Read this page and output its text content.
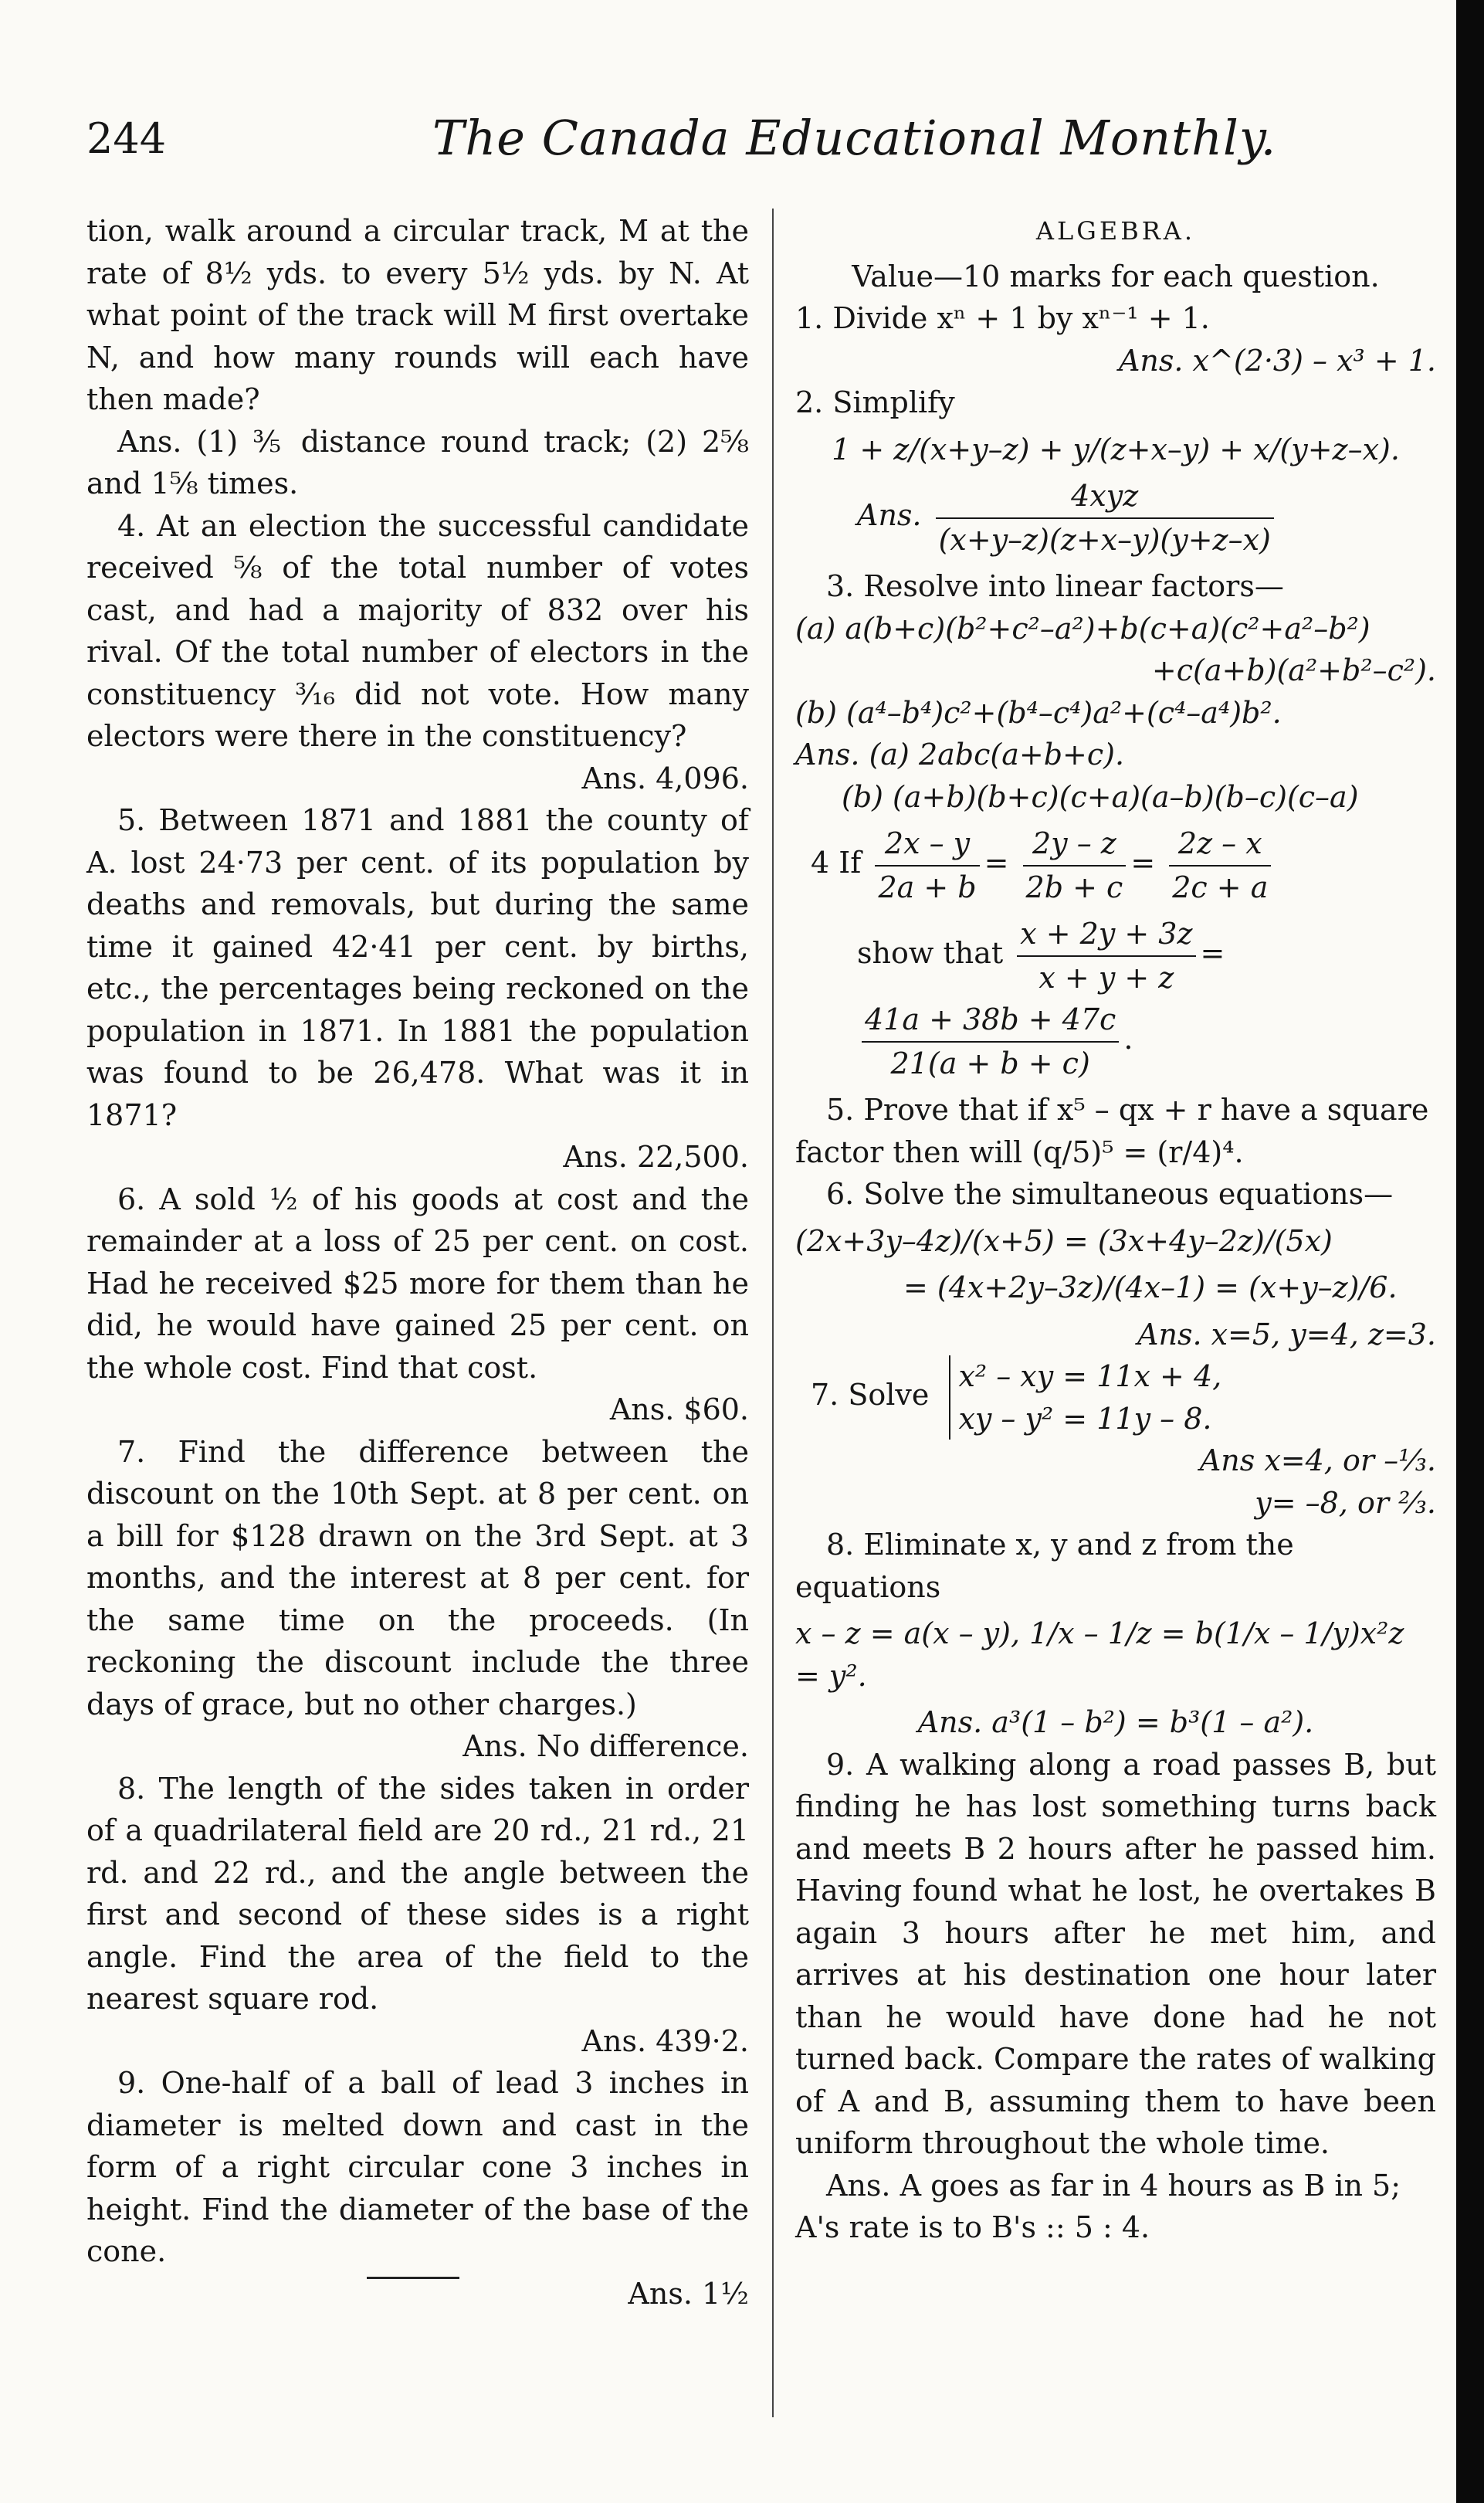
244	The Canada Educational Monthly.

tion, walk around a circular track, M at the rate of 8½ yds. to every 5½ yds. by N. At what point of the track will M first overtake N, and how many rounds will each have then made?

Ans. (1) ⅗ distance round track; (2) 2⅝ and 1⅝ times.

4. At an election the successful candidate received ⅝ of the total number of votes cast, and had a majority of 832 over his rival. Of the total number of electors in the constituency ³⁄₁₆ did not vote. How many electors were there in the constituency?

Ans. 4,096.

5. Between 1871 and 1881 the county of A. lost 24·73 per cent. of its population by deaths and removals, but during the same time it gained 42·41 per cent. by births, etc., the percentages being reckoned on the population in 1871. In 1881 the population was found to be 26,478. What was it in 1871?

Ans. 22,500.

6. A sold ½ of his goods at cost and the remainder at a loss of 25 per cent. on cost. Had he received $25 more for them than he did, he would have gained 25 per cent. on the whole cost. Find that cost.

Ans. $60.

7. Find the difference between the discount on the 10th Sept. at 8 per cent. on a bill for $128 drawn on the 3rd Sept. at 3 months, and the interest at 8 per cent. for the same time on the proceeds. (In reckoning the discount include the three days of grace, but no other charges.)

Ans. No difference.

8. The length of the sides taken in order of a quadrilateral field are 20 rd., 21 rd., 21 rd. and 22 rd., and the angle between the first and second of these sides is a right angle. Find the area of the field to the nearest square rod.

Ans. 439·2.

9. One-half of a ball of lead 3 inches in diameter is melted down and cast in the form of a right circular cone 3 inches in height. Find the diameter of the base of the cone.

Ans. 1½

ALGEBRA.

Value—10 marks for each question.

1. Divide xⁿ + 1 by xⁿ⁻¹ + 1.

Ans. x^(2·3) – x³ + 1.

2. Simplify

1 + z/(x+y–z) + y/(z+x–y) + x/(y+z–x).

Ans. $\frac{\text{4xyz}}{(x+y-z)(z+x-y)(y+z-x)}$

3. Resolve into linear factors—

(a) a(b+c)(b²+c²–a²)+b(c+a)(c²+a²–b²)

+c(a+b)(a²+b²–c²).

(b) (a⁴–b⁴)c²+(b⁴–c⁴)a²+(c⁴–a⁴)b².

Ans. (a) 2abc(a+b+c).

(b) (a+b)(b+c)(c+a)(a–b)(b–c)(c–a)

4 If $\frac{2x - y}{2a + b} = \frac{2y - z}{2b + c} = \frac{2z - x}{2c + a}$

show that $\frac{x + 2y + 3z}{x + y + z}$ =
$\frac{41a + 38b + 47c}{21(a + b + c)}$ .

5. Prove that if x⁵ – qx + r have a square

factor then will (q/5)⁵ = (r/4)⁴.

6. Solve the simultaneous equations—

(2x+3y–4z)/(x+5) = (3x+4y–2z)/(5x)

= (4x+2y–3z)/(4x–1) = (x+y–z)/6.

Ans. x=5, y=4, z=3.

7. Solve
x² – xy = 11x + 4,
xy – y² = 11y – 8.

Ans x=4, or –⅓.

y= –8, or ⅔.

8. Eliminate x, y and z from the equations

x – z = a(x – y), 1/x – 1/z = b(1/x – 1/y)x²z = y².

Ans. a³(1 – b²) = b³(1 – a²).

9. A walking along a road passes B, but finding he has lost something turns back and meets B 2 hours after he passed him. Having found what he lost, he overtakes B again 3 hours after he met him, and arrives at his destination one hour later than he would have done had he not turned back. Compare the rates of walking of A and B, assuming them to have been uniform throughout the whole time.

Ans. A goes as far in 4 hours as B in 5;

A's rate is to B's :: 5 : 4.
